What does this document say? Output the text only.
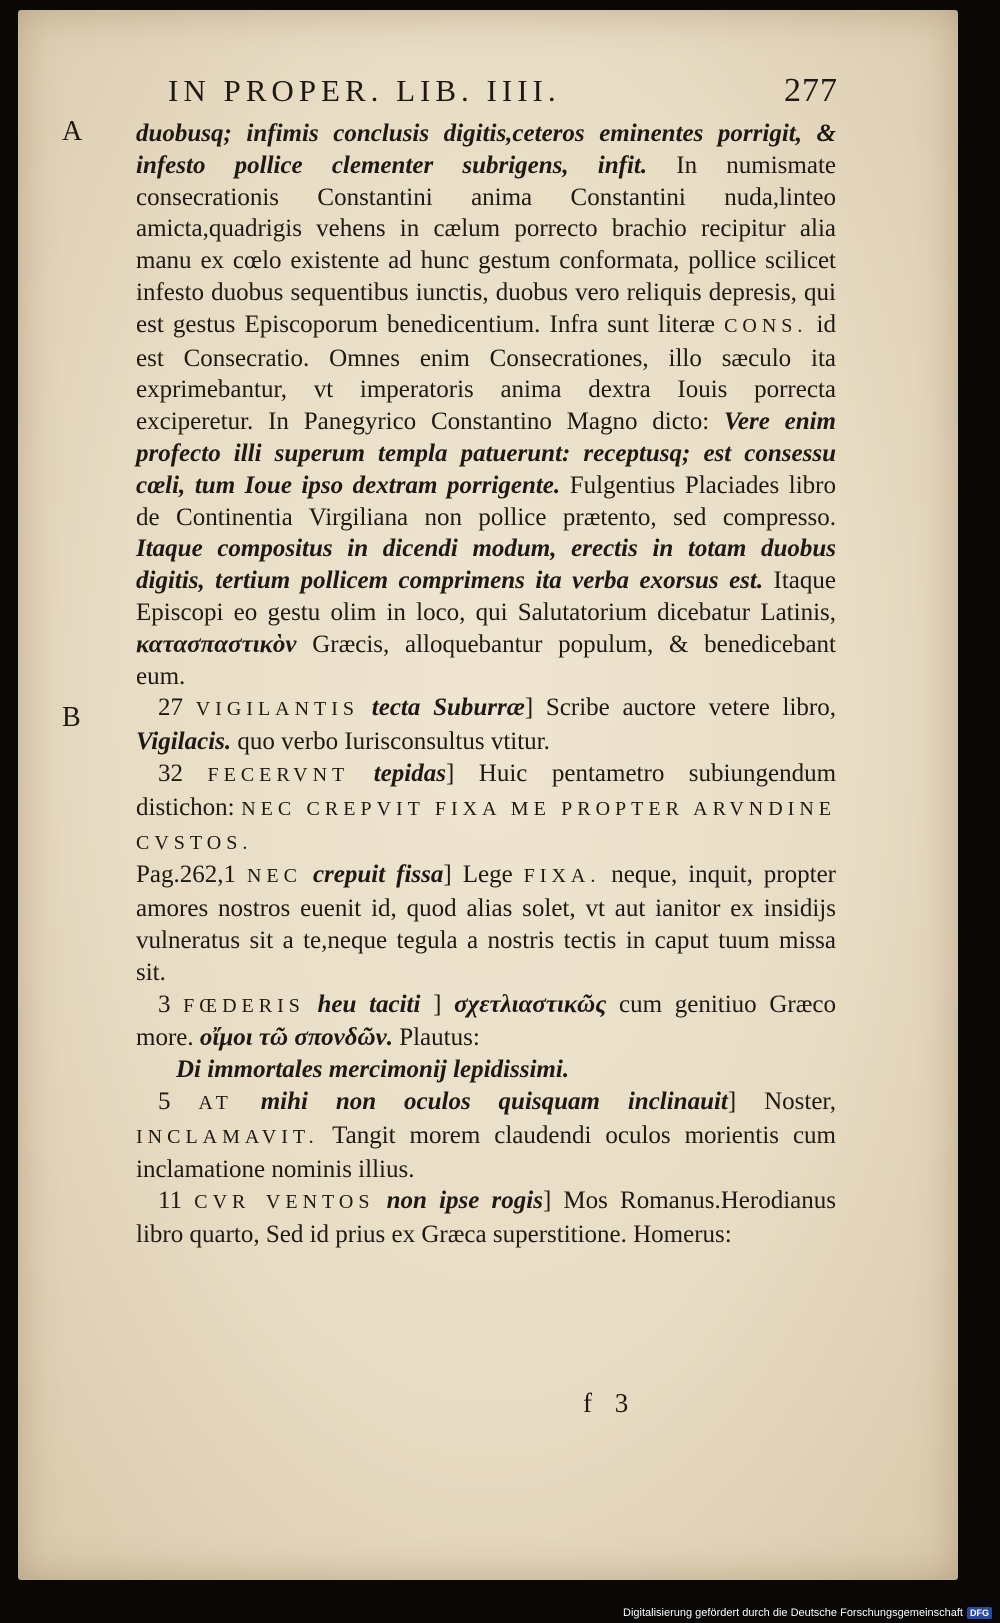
IN PROPER. LIB. IIII.	277
A
B

duobusq; infimis conclusis digitis,ceteros eminentes porrigit, & infesto pollice clementer subrigens, infit. In numismate consecrationis Constantini anima Constantini nuda,linteo amicta,quadrigis vehens in cælum porrecto brachio recipitur alia manu ex cœlo existente ad hunc gestum conformata, pollice scilicet infesto duobus sequentibus iunctis, duobus vero reliquis depresis, qui est gestus Episcoporum benedicentium. Infra sunt literæ CONS. id est Consecratio. Omnes enim Consecrationes, illo sæculo ita exprimebantur, vt imperatoris anima dextra Iouis porrecta exciperetur. In Panegyrico Constantino Magno dicto: Vere enim profecto illi superum templa patuerunt: receptusq; est consessu cœli, tum Ioue ipso dextram porrigente. Fulgentius Placiades libro de Continentia Virgiliana non pollice prætento, sed compresso. Itaque compositus in dicendi modum, erectis in totam duobus digitis, tertium pollicem comprimens ita verba exorsus est. Itaque Episcopi eo gestu olim in loco, qui Salutatorium dicebatur Latinis, κατασπαστικὸν Græcis, alloquebantur populum, & benedicebant eum.

27 VIGILANTIS tecta Suburræ] Scribe auctore vetere libro, Vigilacis. quo verbo Iurisconsultus vtitur.

32 FECERVNT tepidas] Huic pentametro subiungendum distichon: NEC CREPVIT FIXA ME PROPTER ARVNDINE CVSTOS.

Pag.262,1 NEC crepuit fissa] Lege FIXA. neque, inquit, propter amores nostros euenit id, quod alias solet, vt aut ianitor ex insidijs vulneratus sit a te,neque tegula a nostris tectis in caput tuum missa sit.

3 FŒDERIS heu taciti ] σχετλιαστικῶς cum genitiuo Græco more. οἴμοι τῶ σπονδῶν. Plautus:

Di immortales mercimonij lepidissimi.

5 AT mihi non oculos quisquam inclinauit] Noster, INCLAMAVIT. Tangit morem claudendi oculos morientis cum inclamatione nominis illius.

11 CVR VENTOS non ipse rogis] Mos Romanus.Herodianus libro quarto, Sed id prius ex Græca superstitione. Homerus:

f 3
Digitalisierung gefördert durch die Deutsche Forschungsgemeinschaft DFG
